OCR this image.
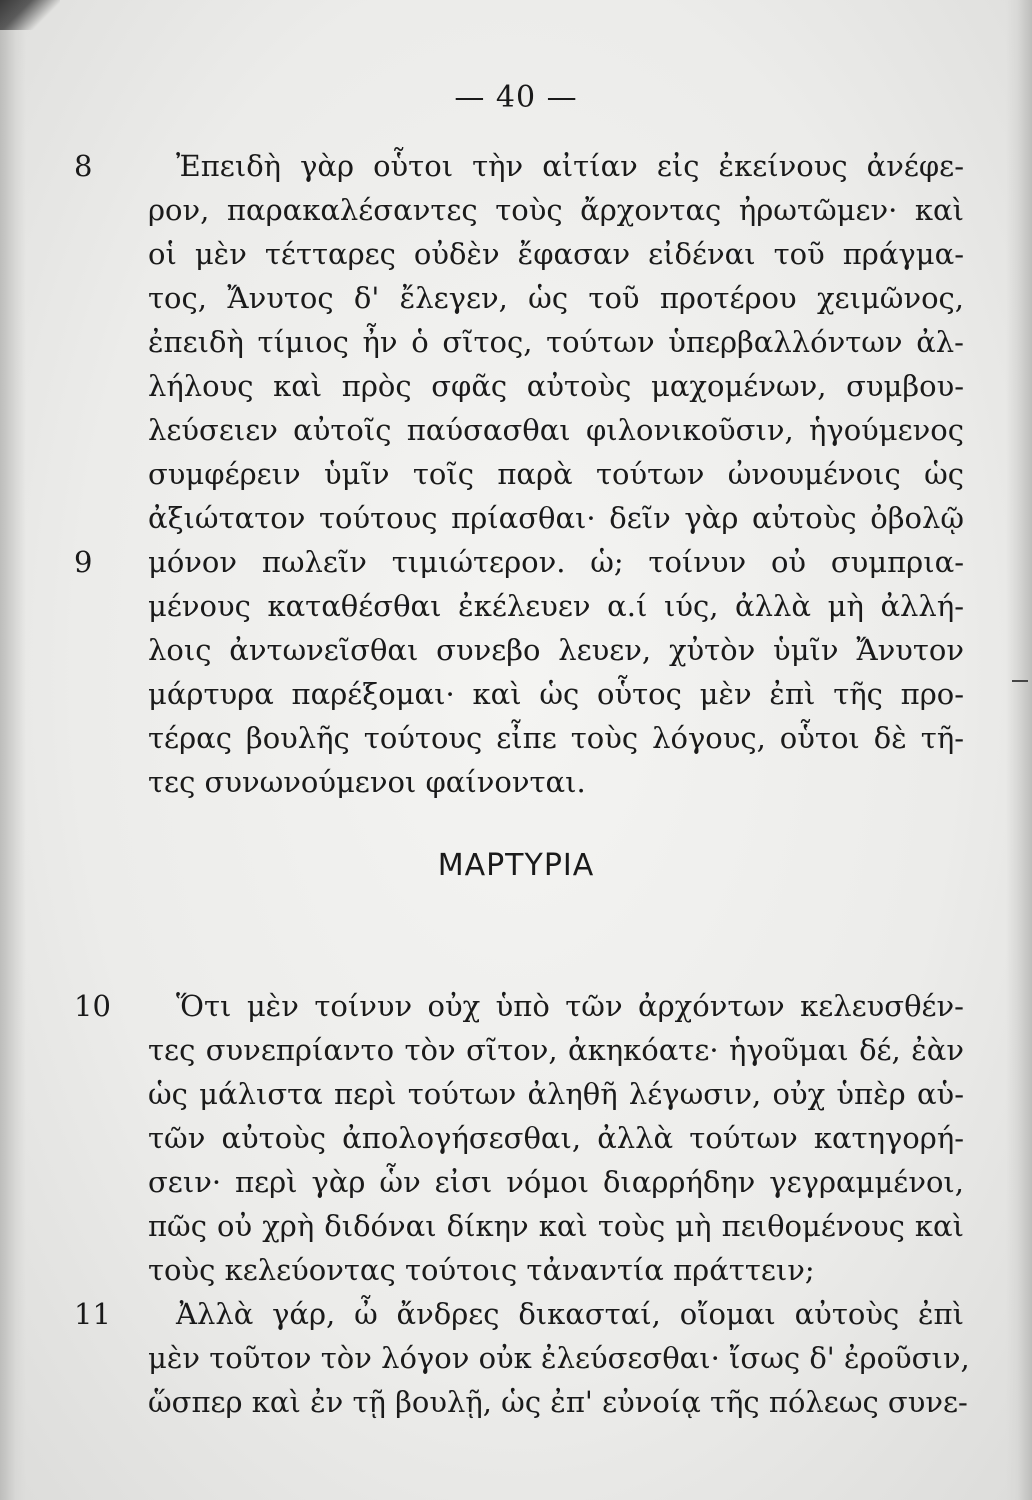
— 40 —
8	Ἐπειδὴ γὰρ οὗτοι τὴν αἰτίαν εἰς ἐκείνους ἀνέφε-
ρον, παρακαλέσαντες τοὺς ἄρχοντας ἠρωτῶμεν· καὶ
οἱ μὲν τέτταρες οὐδὲν ἔφασαν εἰδέναι τοῦ πράγμα-
τος, Ἄνυτος δ' ἔλεγεν, ὡς τοῦ προτέρου χειμῶνος,
ἐπειδὴ τίμιος ἦν ὁ σῖτος, τούτων ὑπερβαλλόντων ἀλ-
λήλους καὶ πρὸς σφᾶς αὐτοὺς μαχομένων, συμβου-
λεύσειεν αὐτοῖς παύσασθαι φιλονικοῦσιν, ἡγούμενος
συμφέρειν ὑμῖν τοῖς παρὰ τούτων ὠνουμένοις ὡς
ἀξιώτατον τούτους πρίασθαι· δεῖν γὰρ αὐτοὺς ὀβολῷ
9	μόνον πωλεῖν τιμιώτερον. ὡ; τοίνυν οὐ συμπρια-
μένους καταθέσθαι ἐκέλευεν α.ί ιύς, ἀλλὰ μὴ ἀλλή-
λοις ἀντωνεῖσθαι συνεβο λευεν, χὐτὸν ὑμῖν Ἄνυτον
μάρτυρα παρέξομαι· καὶ ὡς οὗτος μὲν ἐπὶ τῆς προ-
τέρας βουλῆς τούτους εἶπε τοὺς λόγους, οὗτοι δὲ τῆ-
τες συνωνούμενοι φαίνονται.
ΜΑΡΤΥΡΙΑ
10 Ὅτι μὲν τοίνυν οὐχ ὑπὸ τῶν ἀρχόντων κελευσθέν-
τες συνεπρίαντο τὸν σῖτον, ἀκηκόατε· ἡγοῦμαι δέ, ἐὰν
ὡς μάλιστα περὶ τούτων ἀληθῆ λέγωσιν, οὐχ ὑπὲρ αὑ-
τῶν αὐτοὺς ἀπολογήσεσθαι, ἀλλὰ τούτων κατηγορή-
σειν· περὶ γὰρ ὧν εἰσι νόμοι διαρρήδην γεγραμμένοι,
πῶς οὐ χρὴ διδόναι δίκην καὶ τοὺς μὴ πειθομένους καὶ
τοὺς κελεύοντας τούτοις τἀναντία πράττειν;
11 Ἀλλὰ γάρ, ὦ ἄνδρες δικασταί, οἴομαι αὐτοὺς ἐπὶ
μὲν τοῦτον τὸν λόγον οὐκ ἐλεύσεσθαι· ἴσως δ' ἐροῦσιν,
ὥσπερ καὶ ἐν τῇ βουλῇ, ὡς ἐπ' εὐνοίᾳ τῆς πόλεως συνε-
